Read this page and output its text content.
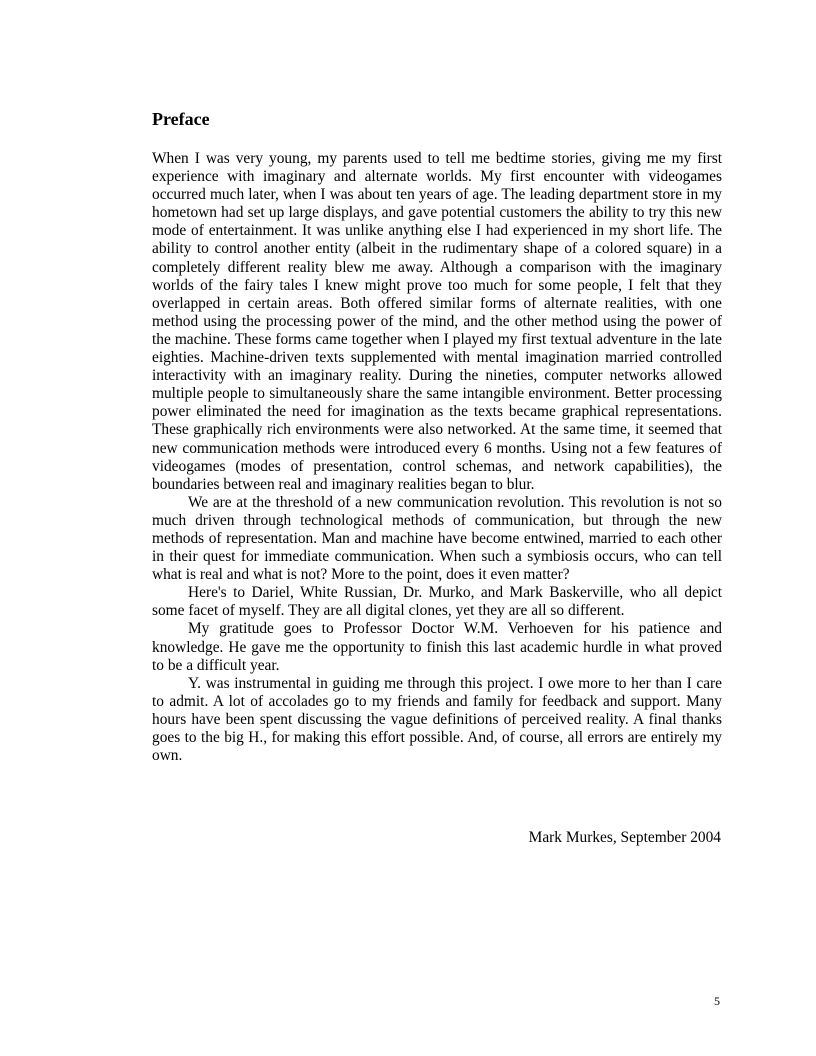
Preface

When I was very young, my parents used to tell me bedtime stories, giving me my first experience with imaginary and alternate worlds. My first encounter with videogames occurred much later, when I was about ten years of age. The leading department store in my hometown had set up large displays, and gave potential customers the ability to try this new mode of entertainment. It was unlike anything else I had experienced in my short life. The ability to control another entity (albeit in the rudimentary shape of a colored square) in a completely different reality blew me away. Although a comparison with the imaginary worlds of the fairy tales I knew might prove too much for some people, I felt that they overlapped in certain areas. Both offered similar forms of alternate realities, with one method using the processing power of the mind, and the other method using the power of the machine. These forms came together when I played my first textual adventure in the late eighties. Machine-driven texts supplemented with mental imagination married controlled interactivity with an imaginary reality. During the nineties, computer networks allowed multiple people to simultaneously share the same intangible environment. Better processing power eliminated the need for imagination as the texts became graphical representations. These graphically rich environments were also networked. At the same time, it seemed that new communication methods were introduced every 6 months. Using not a few features of videogames (modes of presentation, control schemas, and network capabilities), the boundaries between real and imaginary realities began to blur.

We are at the threshold of a new communication revolution. This revolution is not so much driven through technological methods of communication, but through the new methods of representation. Man and machine have become entwined, married to each other in their quest for immediate communication. When such a symbiosis occurs, who can tell what is real and what is not? More to the point, does it even matter?

Here's to Dariel, White Russian, Dr. Murko, and Mark Baskerville, who all depict some facet of myself. They are all digital clones, yet they are all so different.

My gratitude goes to Professor Doctor W.M. Verhoeven for his patience and knowledge. He gave me the opportunity to finish this last academic hurdle in what proved to be a difficult year.

Y. was instrumental in guiding me through this project. I owe more to her than I care to admit. A lot of accolades go to my friends and family for feedback and support. Many hours have been spent discussing the vague definitions of perceived reality. A final thanks goes to the big H., for making this effort possible. And, of course, all errors are entirely my own.

Mark Murkes, September 2004

5
